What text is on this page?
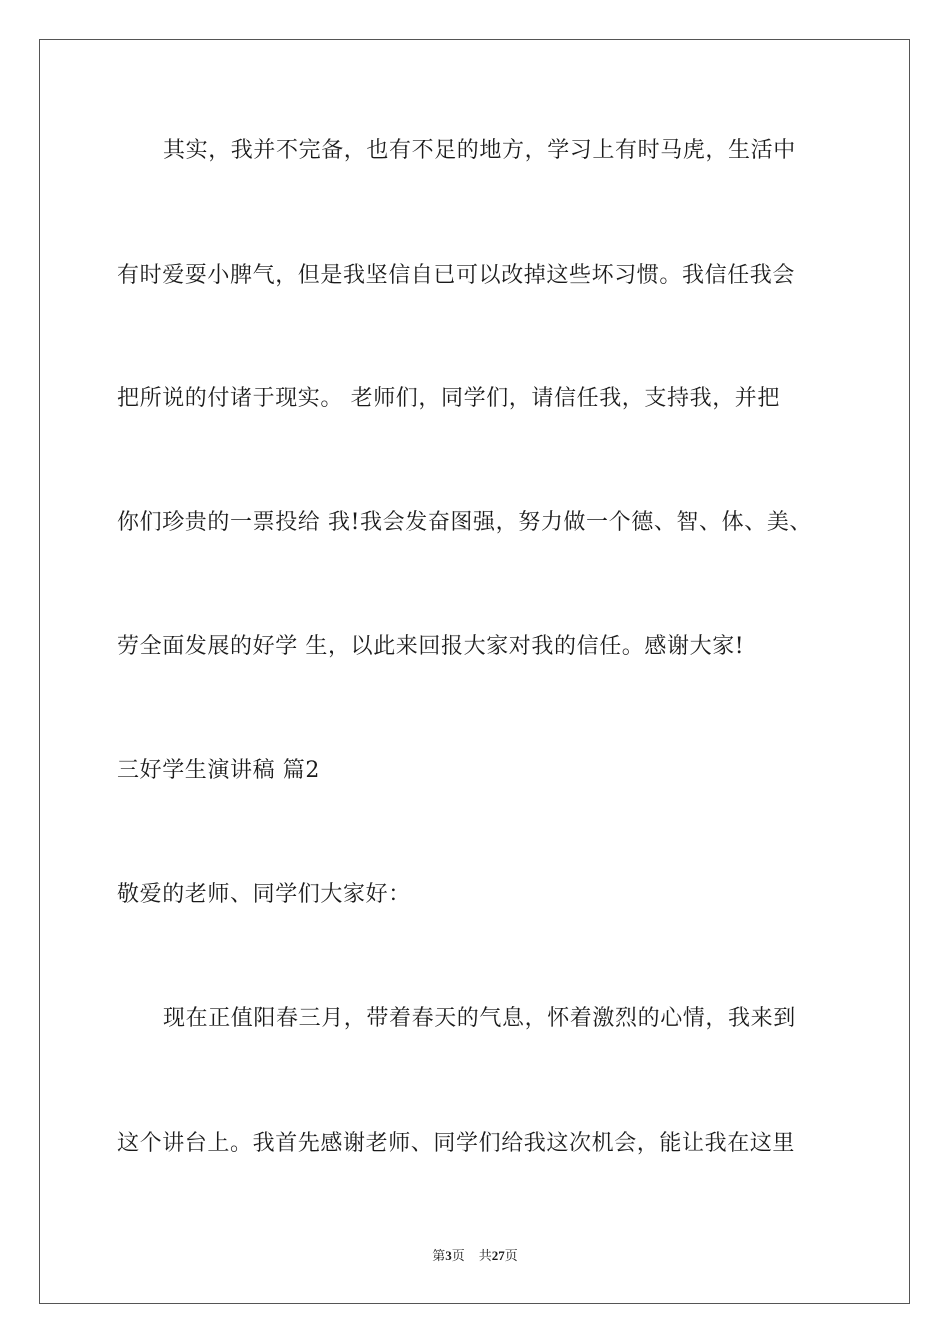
其实，我并不完备，也有不足的地方，学习上有时马虎，生活中
有时爱耍小脾气，但是我坚信自已可以改掉这些坏习惯。我信任我会
把所说的付诸于现实。 老师们，同学们，请信任我，支持我，并把
你们珍贵的一票投给 我!我会发奋图强，努力做一个德、智、体、美、
劳全面发展的好学 生，以此来回报大家对我的信任。感谢大家!
三好学生演讲稿 篇2
敬爱的老师、同学们大家好：
现在正值阳春三月，带着春天的气息，怀着激烈的心情，我来到
这个讲台上。我首先感谢老师、同学们给我这次机会，能让我在这里
第3页 共27页
